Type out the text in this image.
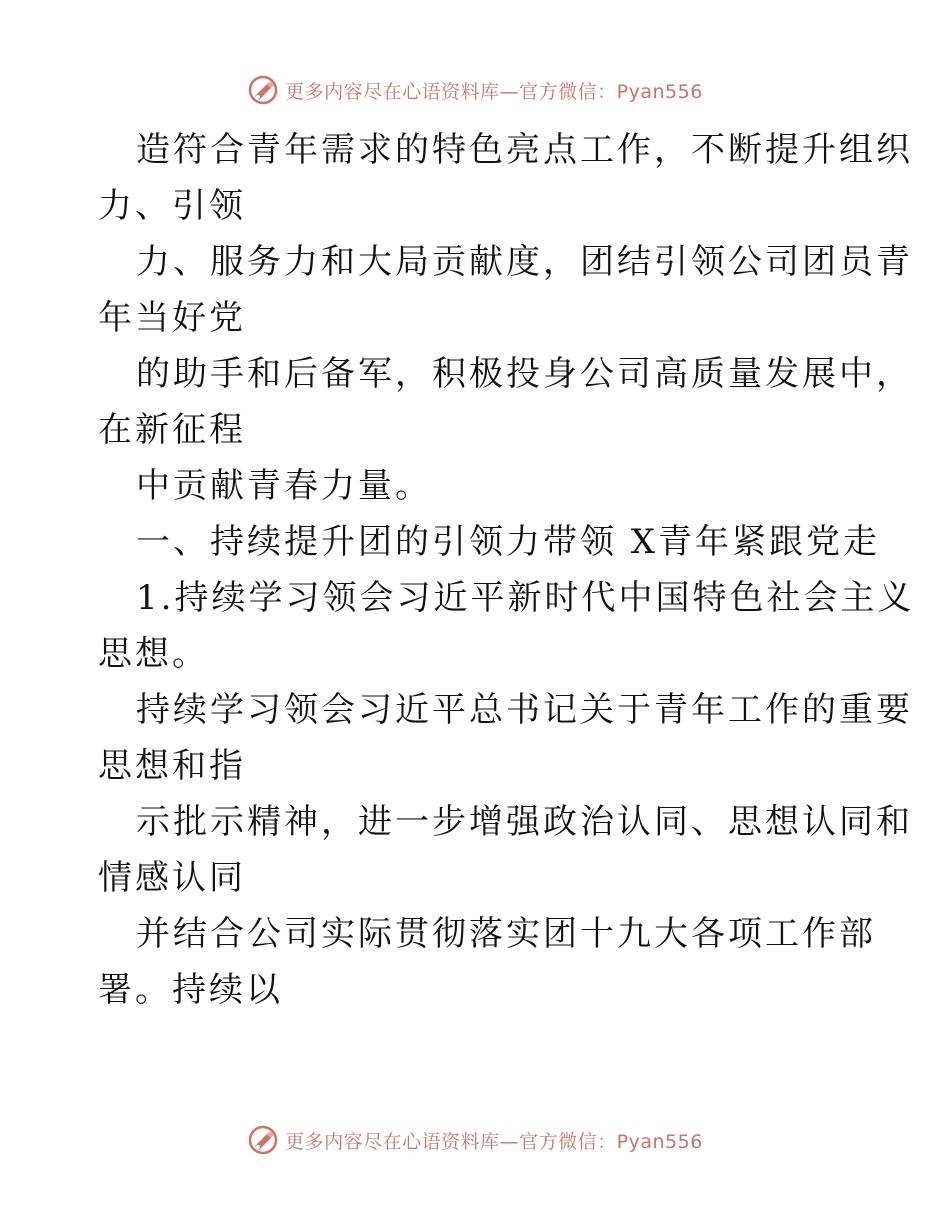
更多内容尽在心语资料库—官方微信：Pyan556
造符合青年需求的特色亮点工作，不断提升组织
力、引领
力、服务力和大局贡献度，团结引领公司团员青
年当好党
的助手和后备军，积极投身公司高质量发展中，
在新征程
中贡献青春力量。
一、持续提升团的引领力带领 X青年紧跟党走
1.持续学习领会习近平新时代中国特色社会主义
思想。
持续学习领会习近平总书记关于青年工作的重要
思想和指
示批示精神，进一步增强政治认同、思想认同和
情感认同
并结合公司实际贯彻落实团十九大各项工作部
署。持续以
更多内容尽在心语资料库—官方微信：Pyan556
